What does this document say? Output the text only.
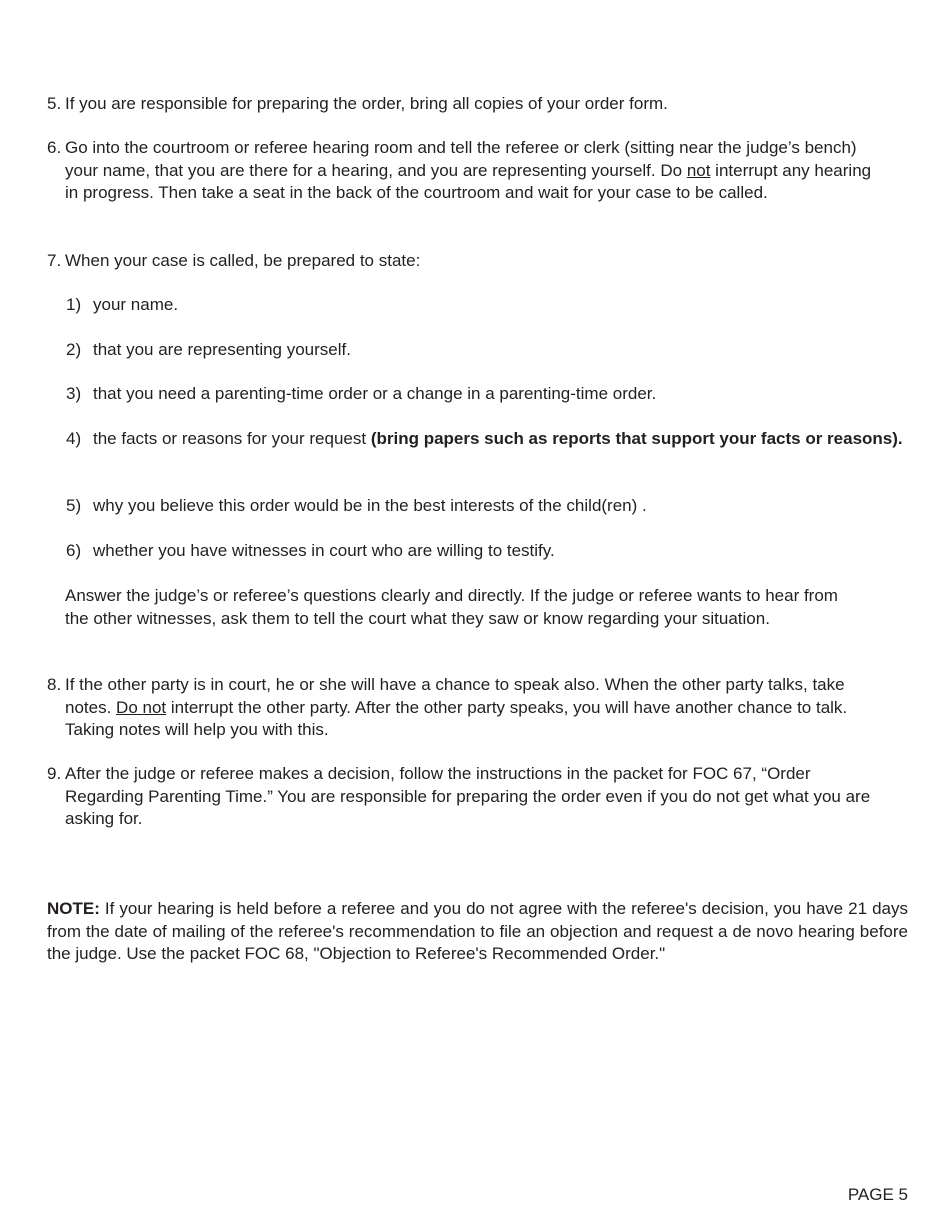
5. If you are responsible for preparing the order, bring all copies of your order form.
6. Go into the courtroom or referee hearing room and tell the referee or clerk (sitting near the judge’s bench) your name, that you are there for a hearing, and you are representing yourself. Do not interrupt any hearing in progress. Then take a seat in the back of the courtroom and wait for your case to be called.
7. When your case is called, be prepared to state:
1) your name.
2) that you are representing yourself.
3) that you need a parenting-time order or a change in a parenting-time order.
4) the facts or reasons for your request (bring papers such as reports that support your facts or reasons).
5) why you believe this order would be in the best interests of the child(ren) .
6) whether you have witnesses in court who are willing to testify.
Answer the judge’s or referee’s questions clearly and directly. If the judge or referee wants to hear from the other witnesses, ask them to tell the court what they saw or know regarding your situation.
8. If the other party is in court, he or she will have a chance to speak also. When the other party talks, take notes. Do not interrupt the other party. After the other party speaks, you will have another chance to talk. Taking notes will help you with this.
9. After the judge or referee makes a decision, follow the instructions in the packet for FOC 67, “Order Regarding Parenting Time.” You are responsible for preparing the order even if you do not get what you are asking for.
NOTE: If your hearing is held before a referee and you do not agree with the referee's decision, you have 21 days from the date of mailing of the referee's recommendation to file an objection and request a de novo hearing before the judge. Use the packet FOC 68, "Objection to Referee's Recommended Order."
PAGE 5
